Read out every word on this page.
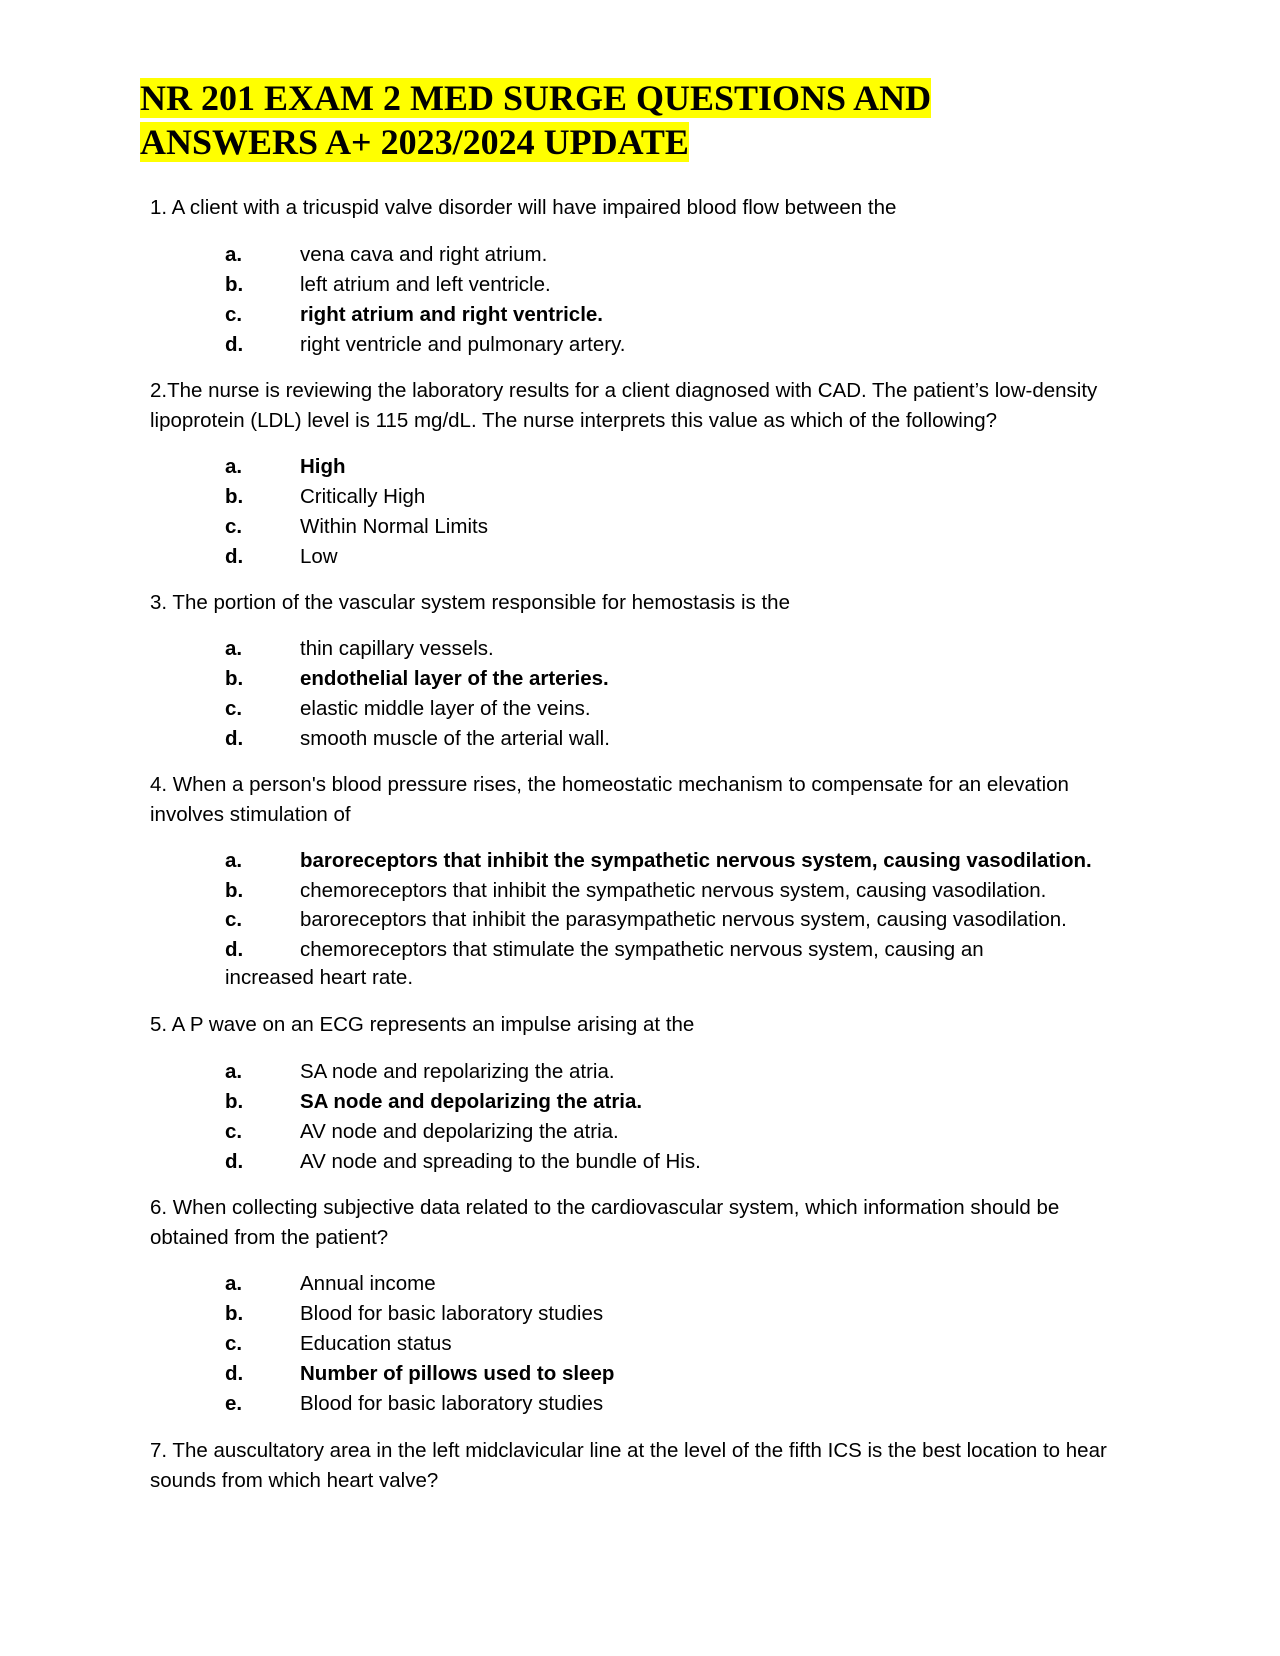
NR 201 EXAM 2 MED SURGE QUESTIONS AND
ANSWERS A+ 2023/2024 UPDATE

1. A client with a tricuspid valve disorder will have impaired blood flow between the

a.	vena cava and right atrium.
b.	left atrium and left ventricle.
c.	right atrium and right ventricle.
d.	right ventricle and pulmonary artery.

2.The nurse is reviewing the laboratory results for a client diagnosed with CAD. The patient’s low-density lipoprotein (LDL) level is 115 mg/dL. The nurse interprets this value as which of the following?

a.	High
b.	Critically High
c.	Within Normal Limits
d.	Low

3. The portion of the vascular system responsible for hemostasis is the

a.	thin capillary vessels.
b.	endothelial layer of the arteries.
c.	elastic middle layer of the veins.
d.	smooth muscle of the arterial wall.

4. When a person's blood pressure rises, the homeostatic mechanism to compensate for an elevation involves stimulation of

a.	baroreceptors that inhibit the sympathetic nervous system, causing vasodilation.
b.	chemoreceptors that inhibit the sympathetic nervous system, causing vasodilation.
c.	baroreceptors that inhibit the parasympathetic nervous system, causing vasodilation.
d.	chemoreceptors that stimulate the sympathetic nervous system, causing an
increased heart rate.

5. A P wave on an ECG represents an impulse arising at the

a.	SA node and repolarizing the atria.
b.	SA node and depolarizing the atria.
c.	AV node and depolarizing the atria.
d.	AV node and spreading to the bundle of His.

6. When collecting subjective data related to the cardiovascular system, which information should be obtained from the patient?

a.	Annual income
b.	Blood for basic laboratory studies
c.	Education status
d.	Number of pillows used to sleep
e.	Blood for basic laboratory studies

7. The auscultatory area in the left midclavicular line at the level of the fifth ICS is the best location to hear sounds from which heart valve?
